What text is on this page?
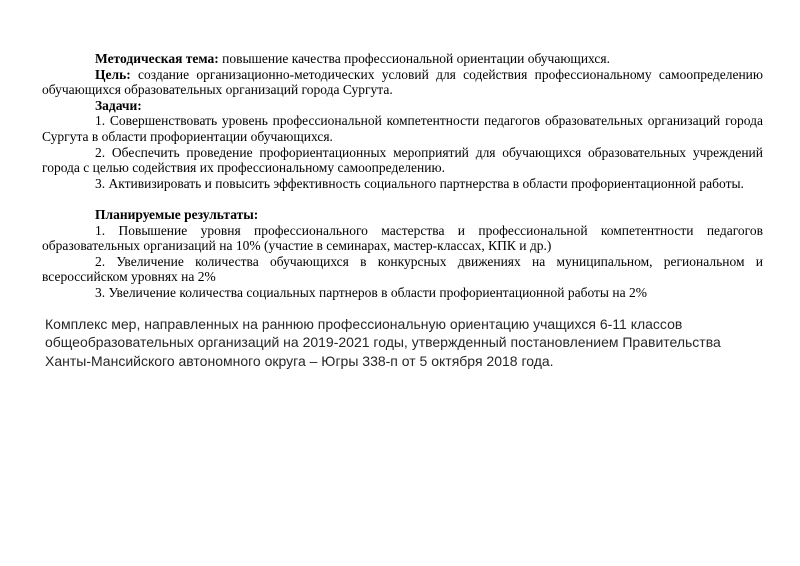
Методическая тема: повышение качества профессиональной ориентации обучающихся.

Цель: создание организационно-методических условий для содействия профессиональному самоопределению обучающихся образовательных организаций города Сургута.

Задачи:

1. Совершенствовать уровень профессиональной компетентности педагогов образовательных организаций города Сургута в области профориентации обучающихся.

2. Обеспечить проведение профориентационных мероприятий для обучающихся образовательных учреждений города с целью содействия их профессиональному самоопределению.

3. Активизировать и повысить эффективность социального партнерства в области профориентационной работы.

Планируемые результаты:

1. Повышение уровня профессионального мастерства и профессиональной компетентности педагогов образовательных организаций на 10% (участие в семинарах, мастер-классах, КПК и др.)

2. Увеличение количества обучающихся в конкурсных движениях на муниципальном, региональном и всероссийском уровнях на 2%

3. Увеличение количества социальных партнеров в области профориентационной работы на 2%

Комплекс мер, направленных на раннюю профессиональную ориентацию учащихся 6-11 классов общеобразовательных организаций на 2019-2021 годы, утвержденный постановлением Правительства Ханты-Мансийского автономного округа – Югры 338-п от 5 октября 2018 года.
